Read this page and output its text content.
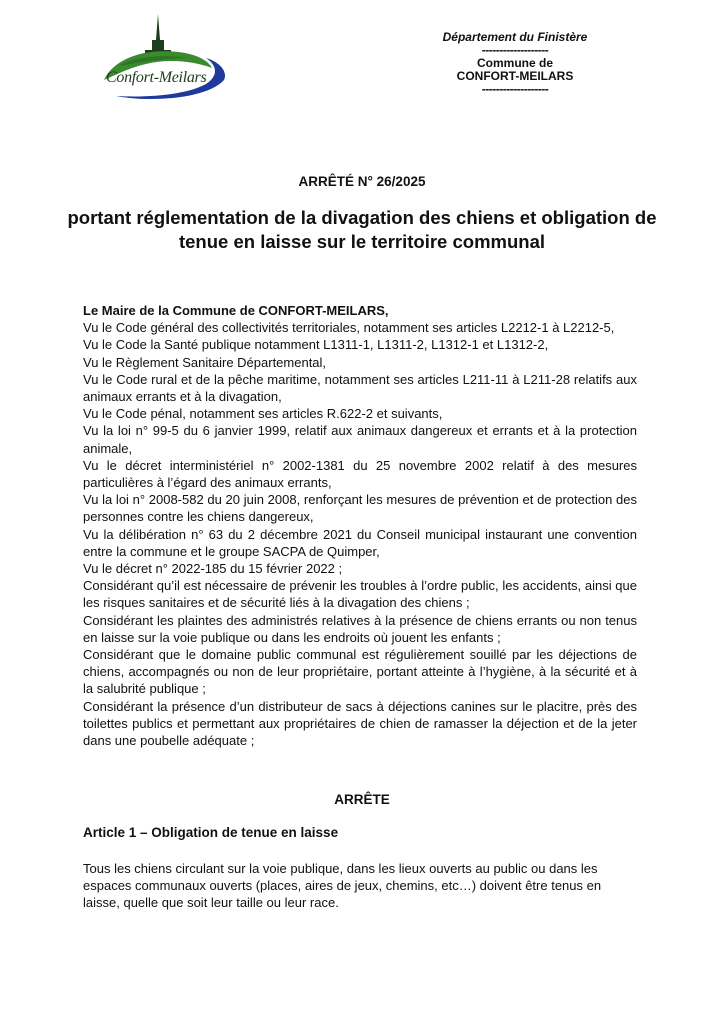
Confort-Meilars
Département du Finistère
-------------------
Commune de
CONFORT-MEILARS
-------------------
ARRÊTÉ N° 26/2025
portant réglementation de la divagation des chiens et obligation de tenue en laisse sur le territoire communal

Le Maire de la Commune de CONFORT-MEILARS,

Vu le Code général des collectivités territoriales, notamment ses articles L2212-1 à L2212-5,

Vu le Code la Santé publique notamment L1311-1, L1311-2, L1312-1 et L1312-2,

Vu le Règlement Sanitaire Départemental,

Vu le Code rural et de la pêche maritime, notamment ses articles L211-11 à L211-28 relatifs aux animaux errants et à la divagation,

Vu le Code pénal, notamment ses articles R.622-2 et suivants,

Vu la loi n° 99-5 du 6 janvier 1999, relatif aux animaux dangereux et errants et à la protection animale,

Vu le décret interministériel n° 2002-1381 du 25 novembre 2002 relatif à des mesures particulières à l’égard des animaux errants,

Vu la loi n° 2008-582 du 20 juin 2008, renforçant les mesures de prévention et de protection des personnes contre les chiens dangereux,

Vu la délibération n° 63 du 2 décembre 2021 du Conseil municipal instaurant une convention entre la commune et le groupe SACPA de Quimper,

Vu le décret n° 2022-185 du 15 février 2022 ;

Considérant qu’il est nécessaire de prévenir les troubles à l’ordre public, les accidents, ainsi que les risques sanitaires et de sécurité liés à la divagation des chiens ;

Considérant les plaintes des administrés relatives à la présence de chiens errants ou non tenus en laisse sur la voie publique ou dans les endroits où jouent les enfants ;

Considérant que le domaine public communal est régulièrement souillé par les déjections de chiens, accompagnés ou non de leur propriétaire, portant atteinte à l’hygiène, à la sécurité et à la salubrité publique ;

Considérant la présence d’un distributeur de sacs à déjections canines sur le placitre, près des toilettes publics et permettant aux propriétaires de chien de ramasser la déjection et de la jeter dans une poubelle adéquate ;

ARRÊTE
Article 1 – Obligation de tenue en laisse

Tous les chiens circulant sur la voie publique, dans les lieux ouverts au public ou dans les espaces communaux ouverts (places, aires de jeux, chemins, etc…) doivent être tenus en laisse, quelle que soit leur taille ou leur race.
